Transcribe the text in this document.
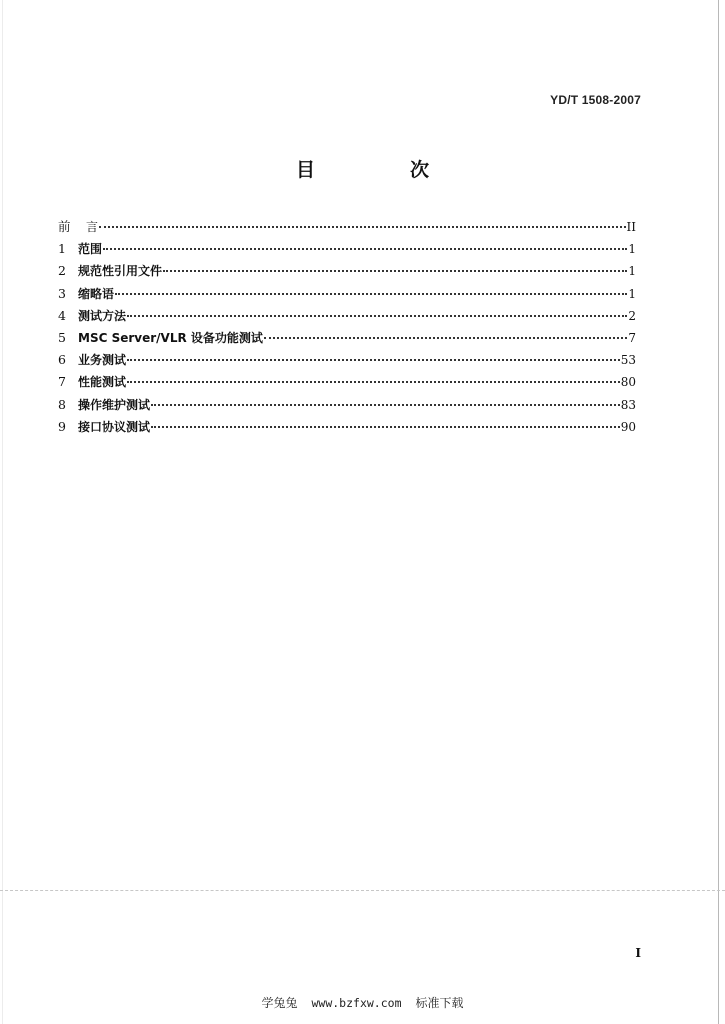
YD/T 1508-2007
目　次
前	言	II
1	范围	1
2	规范性引用文件	1
3	缩略语	1
4	测试方法	2
5	MSC Server/VLR 设备功能测试	7
6	业务测试	53
7	性能测试	80
8	操作维护测试	83
9	接口协议测试	90
I
学兔兔 www.bzfxw.com 标准下载
